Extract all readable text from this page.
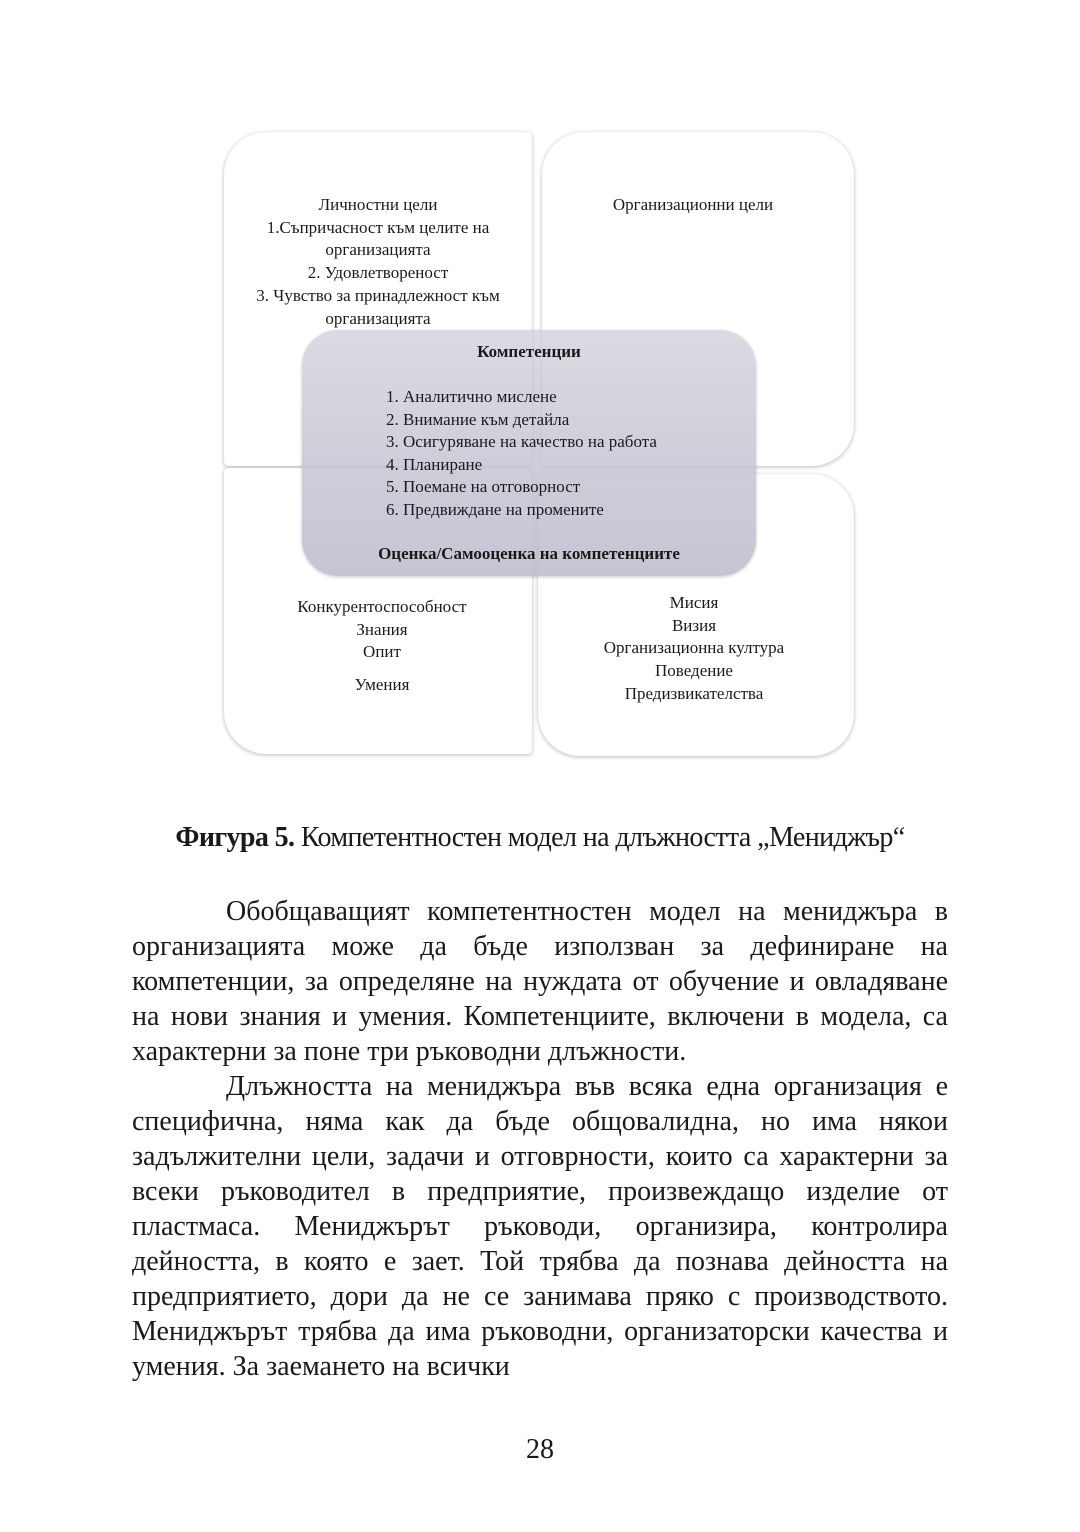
Личностни цели
1.Съпричасност към целите на
организацията
2. Удовлетвореност
3. Чувство за принадлежност към
организацията
Организационни цели
Конкурентоспособност
Знания
Опит
Умения
Мисия
Визия
Организационна култура
Поведение
Предизвикателства
Компетенции
1. Аналитично мислене
2. Внимание към детайла
3. Осигуряване на качество на работа
4. Планиране
5. Поемане на отговорност
6. Предвиждане на промените
Оценка/Самооценка на компетенциите
Фигура 5. Компетентностен модел на длъжността „Мениджър“

Обобщаващият компетентностен модел на мениджъра в организацията може да бъде използван за дефиниране на компетенции, за определяне на нуждата от обучение и овладяване на нови знания и умения. Компетенциите, включени в модела, са характерни за поне три ръководни длъжности.

Длъжността на мениджъра във всяка една организация е специфична, няма как да бъде общовалидна, но има някои задължителни цели, задачи и отговрности, които са характерни за всеки ръководител в предприятие, произвеждащо изделие от пластмаса. Мениджърът ръководи, организира, контролира дейността, в която е зает. Той трябва да познава дейността на предприятието, дори да не се занимава пряко с производството. Мениджърът трябва да има ръководни, организаторски качества и умения. За заемането на всички

28
